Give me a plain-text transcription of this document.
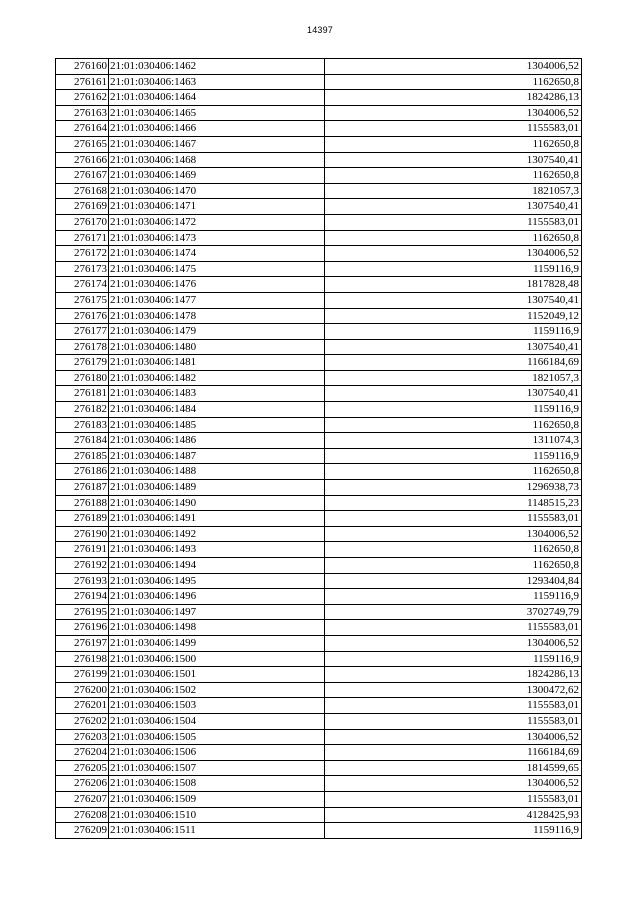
14397
276160	21:01:030406:1462	1304006,52
276161	21:01:030406:1463	1162650,8
276162	21:01:030406:1464	1824286,13
276163	21:01:030406:1465	1304006,52
276164	21:01:030406:1466	1155583,01
276165	21:01:030406:1467	1162650,8
276166	21:01:030406:1468	1307540,41
276167	21:01:030406:1469	1162650,8
276168	21:01:030406:1470	1821057,3
276169	21:01:030406:1471	1307540,41
276170	21:01:030406:1472	1155583,01
276171	21:01:030406:1473	1162650,8
276172	21:01:030406:1474	1304006,52
276173	21:01:030406:1475	1159116,9
276174	21:01:030406:1476	1817828,48
276175	21:01:030406:1477	1307540,41
276176	21:01:030406:1478	1152049,12
276177	21:01:030406:1479	1159116,9
276178	21:01:030406:1480	1307540,41
276179	21:01:030406:1481	1166184,69
276180	21:01:030406:1482	1821057,3
276181	21:01:030406:1483	1307540,41
276182	21:01:030406:1484	1159116,9
276183	21:01:030406:1485	1162650,8
276184	21:01:030406:1486	1311074,3
276185	21:01:030406:1487	1159116,9
276186	21:01:030406:1488	1162650,8
276187	21:01:030406:1489	1296938,73
276188	21:01:030406:1490	1148515,23
276189	21:01:030406:1491	1155583,01
276190	21:01:030406:1492	1304006,52
276191	21:01:030406:1493	1162650,8
276192	21:01:030406:1494	1162650,8
276193	21:01:030406:1495	1293404,84
276194	21:01:030406:1496	1159116,9
276195	21:01:030406:1497	3702749,79
276196	21:01:030406:1498	1155583,01
276197	21:01:030406:1499	1304006,52
276198	21:01:030406:1500	1159116,9
276199	21:01:030406:1501	1824286,13
276200	21:01:030406:1502	1300472,62
276201	21:01:030406:1503	1155583,01
276202	21:01:030406:1504	1155583,01
276203	21:01:030406:1505	1304006,52
276204	21:01:030406:1506	1166184,69
276205	21:01:030406:1507	1814599,65
276206	21:01:030406:1508	1304006,52
276207	21:01:030406:1509	1155583,01
276208	21:01:030406:1510	4128425,93
276209	21:01:030406:1511	1159116,9
